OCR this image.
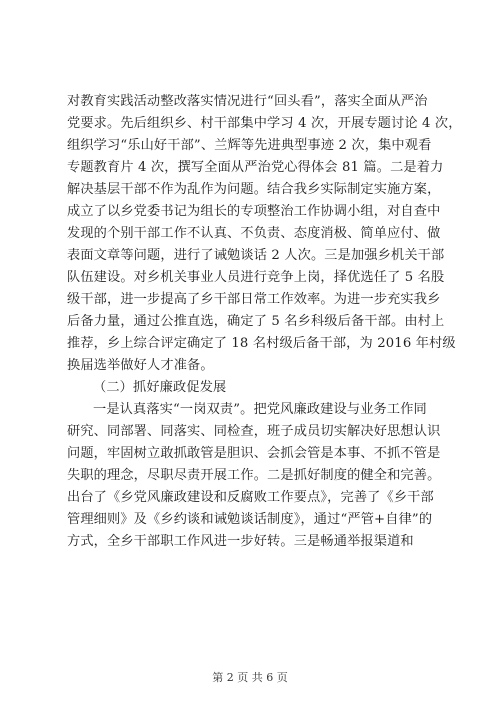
对教育实践活动整改落实情况进行“回头看”，落实全面从严治
党要求。先后组织乡、村干部集中学习 4 次，开展专题讨论 4 次，
组织学习“乐山好干部”、兰辉等先进典型事迹 2 次，集中观看
专题教育片 4 次，撰写全面从严治党心得体会 81 篇。二是着力
解决基层干部不作为乱作为问题。结合我乡实际制定实施方案，
成立了以乡党委书记为组长的专项整治工作协调小组，对自查中
发现的个别干部工作不认真、不负责、态度消极、简单应付、做
表面文章等问题，进行了诫勉谈话 2 人次。三是加强乡机关干部
队伍建设。对乡机关事业人员进行竞争上岗，择优选任了 5 名股
级干部，进一步提高了乡干部日常工作效率。为进一步充实我乡
后备力量，通过公推直选，确定了 5 名乡科级后备干部。由村上
推荐，乡上综合评定确定了 18 名村级后备干部，为 2016 年村级
换届选举做好人才准备。
（二）抓好廉政促发展
一是认真落实“一岗双责”。把党风廉政建设与业务工作同
研究、同部署、同落实、同检查，班子成员切实解决好思想认识
问题，牢固树立敢抓敢管是胆识、会抓会管是本事、不抓不管是
失职的理念，尽职尽责开展工作。二是抓好制度的健全和完善。
出台了《乡党风廉政建设和反腐败工作要点》，完善了《乡干部
管理细则》及《乡约谈和诫勉谈话制度》，通过“严管+自律”的
方式，全乡干部职工作风进一步好转。三是畅通举报渠道和
第 2 页 共 6 页
